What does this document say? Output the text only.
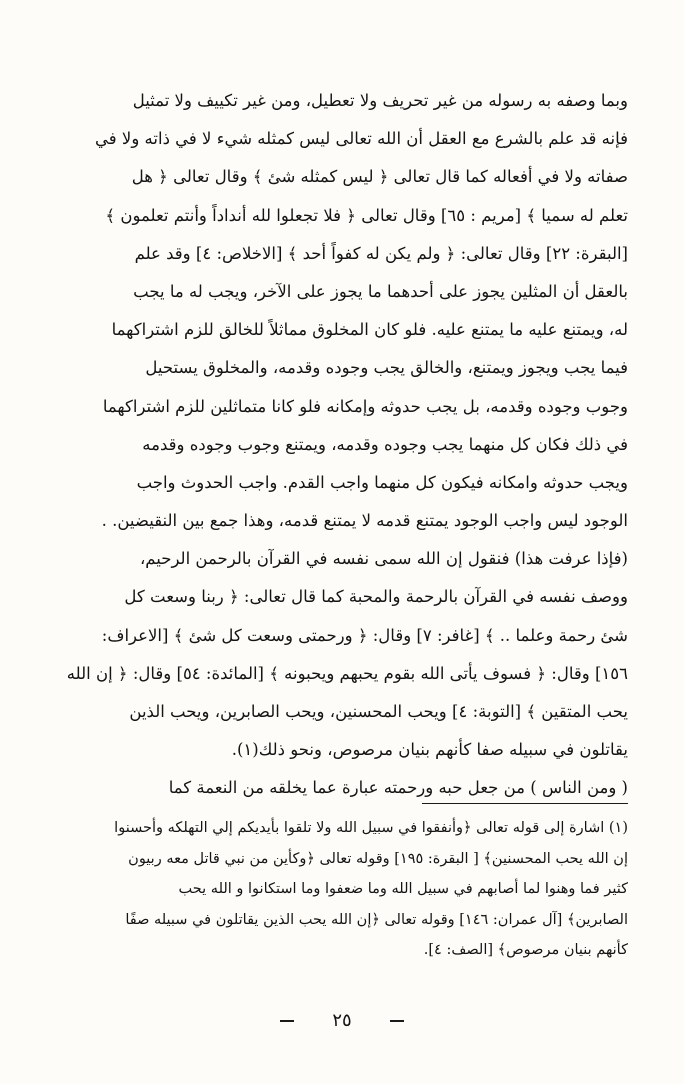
وبما وصفه به رسوله من غير تحريف ولا تعطيل، ومن غير تكييف ولا تمثيل
فإنه قد علم بالشرع مع العقل أن الله تعالى ليس كمثله شيء لا في ذاته ولا في
صفاته ولا في أفعاله كما قال تعالى ﴿ ليس كمثله شئ ﴾ وقال تعالى ﴿ هل
تعلم له سميا ﴾ [مريم : ٦٥] وقال تعالى ﴿ فلا تجعلوا لله أنداداً وأنتم تعلمون ﴾
[البقرة: ٢٢] وقال تعالى: ﴿ ولم يكن له كفواً أحد ﴾ [الاخلاص: ٤] وقد علم
بالعقل أن المثلين يجوز على أحدهما ما يجوز على الآخر، ويجب له ما يجب
له، ويمتنع عليه ما يمتنع عليه. فلو كان المخلوق مماثلاً للخالق للزم اشتراكهما
فيما يجب ويجوز ويمتنع، والخالق يجب وجوده وقدمه، والمخلوق يستحيل
وجوب وجوده وقدمه، بل يجب حدوثه وإمكانه فلو كانا متماثلين للزم اشتراكهما
في ذلك فكان كل منهما يجب وجوده وقدمه، ويمتنع وجوب وجوده وقدمه
ويجب حدوثه وامكانه فيكون كل منهما واجب القدم. واجب الحدوث واجب
الوجود ليس واجب الوجود يمتنع قدمه لا يمتنع قدمه، وهذا جمع بين النقيضين. .
(فإذا عرفت هذا) فنقول إن الله سمى نفسه في القرآن بالرحمن الرحيم،
ووصف نفسه في القرآن بالرحمة والمحبة كما قال تعالى: ﴿ ربنا وسعت كل
شئ رحمة وعلما .. ﴾ [غافر: ٧] وقال: ﴿ ورحمتى وسعت كل شئ ﴾ [الاعراف:
١٥٦] وقال: ﴿ فسوف يأتى الله بقوم يحبهم ويحبونه ﴾ [المائدة: ٥٤] وقال: ﴿ إن الله
يحب المتقين ﴾ [التوبة: ٤] ويحب المحسنين، ويحب الصابرين، ويحب الذين
يقاتلون في سبيله صفا كأنهم بنيان مرصوص، ونحو ذلك(١).
( ومن الناس ) من جعل حبه ورحمته عبارة عما يخلقه من النعمة كما
(١) اشارة إلى قوله تعالى ﴿وأنفقوا في سبيل الله ولا تلقوا بأيديكم إلي التهلكه وأحسنوا
إن الله يحب المحسنين﴾ [ البقرة: ١٩٥] وقوله تعالى ﴿وكأين من نبي قاتل معه ربيون
كثير فما وهنوا لما أصابهم في سبيل الله وما ضعفوا وما استكانوا و الله يحب
الصابرين﴾ [آل عمران: ١٤٦] وقوله تعالى ﴿إن الله يحب الذين يقاتلون في سبيله صفًا
كأنهم بنيان مرصوص﴾ [الصف: ٤].
٢٥
